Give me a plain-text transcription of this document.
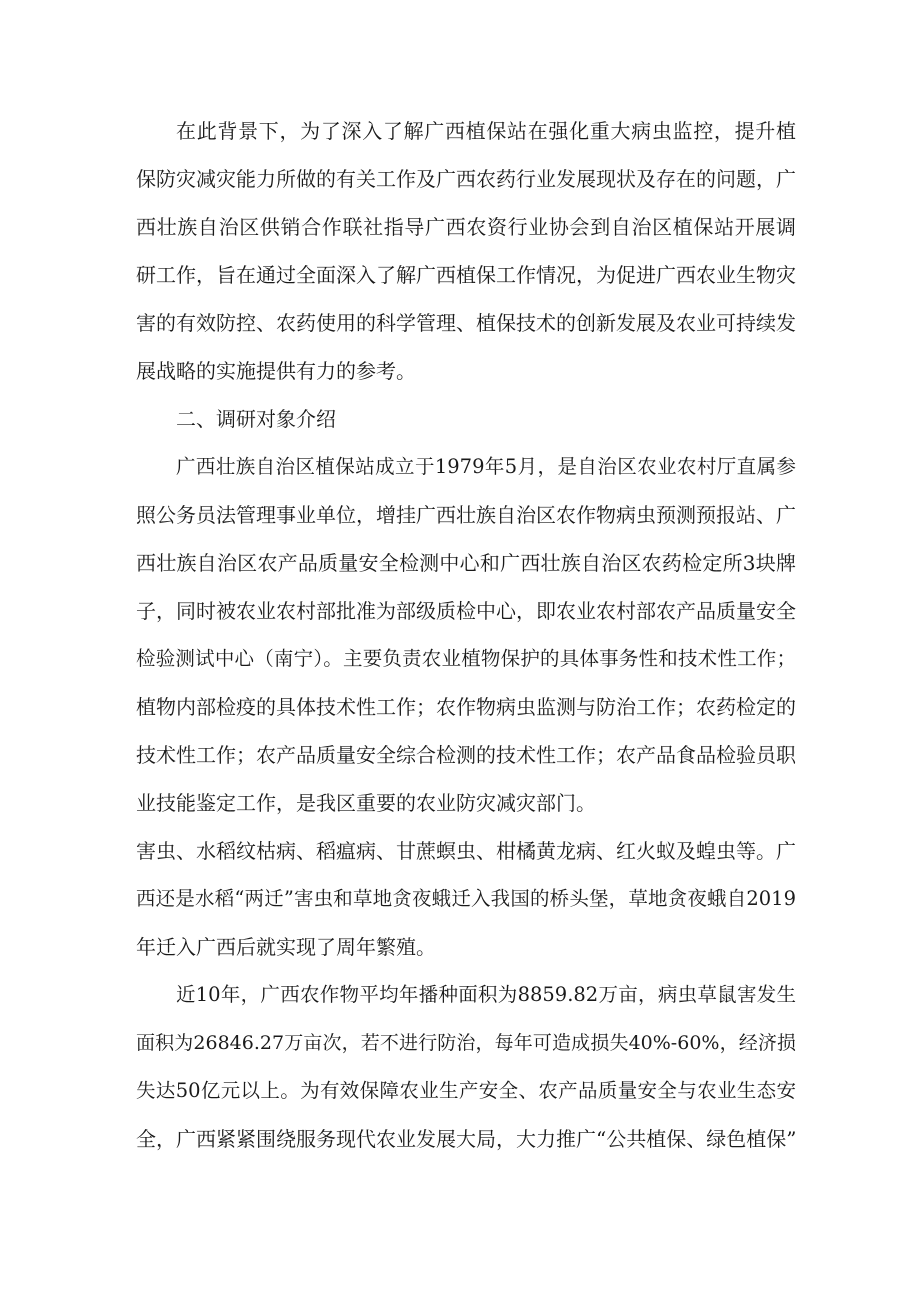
在此背景下，为了深入了解广西植保站在强化重大病虫监控，提升植
保防灾减灾能力所做的有关工作及广西农药行业发展现状及存在的问题，广
西壮族自治区供销合作联社指导广西农资行业协会到自治区植保站开展调
研工作，旨在通过全面深入了解广西植保工作情况，为促进广西农业生物灾
害的有效防控、农药使用的科学管理、植保技术的创新发展及农业可持续发
展战略的实施提供有力的参考。
二、调研对象介绍
广西壮族自治区植保站成立于1979年5月，是自治区农业农村厅直属参
照公务员法管理事业单位，增挂广西壮族自治区农作物病虫预测预报站、广
西壮族自治区农产品质量安全检测中心和广西壮族自治区农药检定所3块牌
子，同时被农业农村部批准为部级质检中心，即农业农村部农产品质量安全
检验测试中心（南宁）。主要负责农业植物保护的具体事务性和技术性工作；
植物内部检疫的具体技术性工作；农作物病虫监测与防治工作；农药检定的
技术性工作；农产品质量安全综合检测的技术性工作；农产品食品检验员职
业技能鉴定工作，是我区重要的农业防灾减灾部门。
害虫、水稻纹枯病、稻瘟病、甘蔗螟虫、柑橘黄龙病、红火蚁及蝗虫等。广
西还是水稻“两迁”害虫和草地贪夜蛾迁入我国的桥头堡，草地贪夜蛾自2019
年迁入广西后就实现了周年繁殖。
近10年，广西农作物平均年播种面积为8859.82万亩，病虫草鼠害发生
面积为26846.27万亩次，若不进行防治，每年可造成损失40%-60%，经济损
失达50亿元以上。为有效保障农业生产安全、农产品质量安全与农业生态安
全，广西紧紧围绕服务现代农业发展大局，大力推广“公共植保、绿色植保”
